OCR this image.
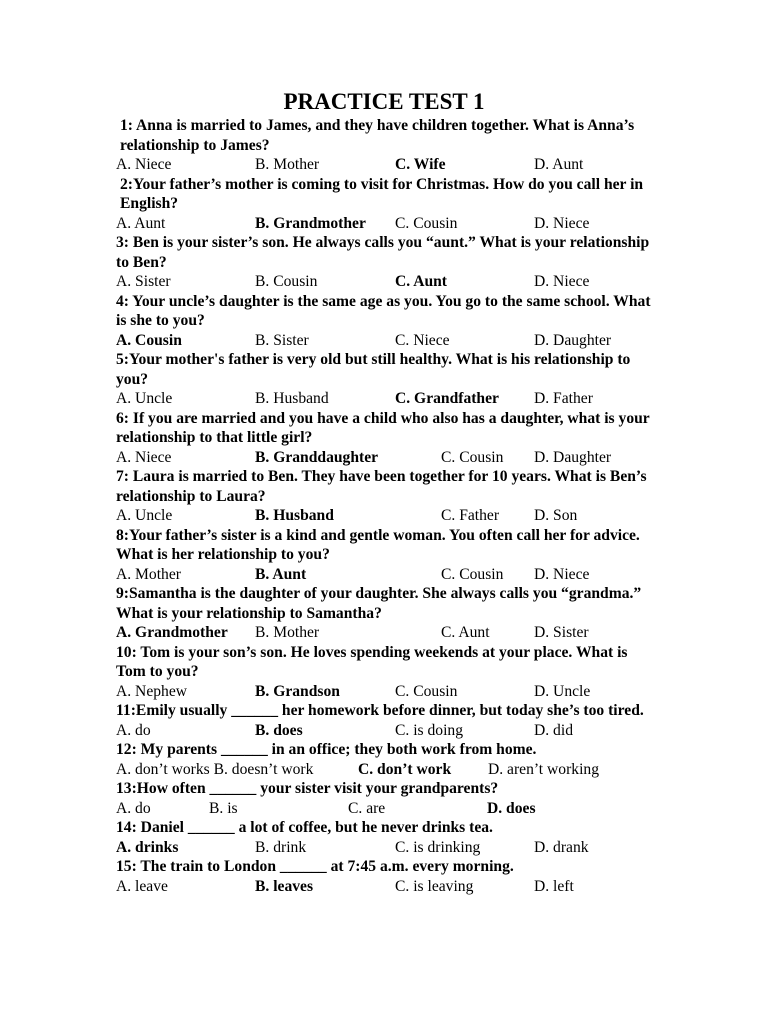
PRACTICE TEST 1
1: Anna is married to James, and they have children together. What is Anna’s relationship to James?
A. Niece	B. Mother	C. Wife	D. Aunt
2:Your father’s mother is coming to visit for Christmas. How do you call her in English?
A. Aunt	B. Grandmother C. Cousin	D. Niece
3: Ben is your sister’s son. He always calls you “aunt.” What is your relationship to Ben?
A. Sister	B. Cousin	C. Aunt	D. Niece
4: Your uncle’s daughter is the same age as you. You go to the same school. What is she to you?
A. Cousin	B. Sister	C. Niece	D. Daughter
5:Your mother's father is very old but still healthy. What is his relationship to you?
A. Uncle	B. Husband	C. Grandfather D. Father
6: If you are married and you have a child who also has a daughter, what is your relationship to that little girl?
A. Niece	B. Granddaughter	C. Cousin D. Daughter
7: Laura is married to Ben. They have been together for 10 years. What is Ben’s relationship to Laura?
A. Uncle	B. Husband	C. Father D. Son
8:Your father’s sister is a kind and gentle woman. You often call her for advice. What is her relationship to you?
A. Mother	B. Aunt	C. Cousin D. Niece
9:Samantha is the daughter of your daughter. She always calls you “grandma.” What is your relationship to Samantha?
A. Grandmother B. Mother	C. Aunt	D. Sister
10: Tom is your son’s son. He loves spending weekends at your place. What is Tom to you?
A. Nephew	B. Grandson	C. Cousin	D. Uncle
11:Emily usually ______ her homework before dinner, but today she’s too tired.
A. do	B. does	C. is doing	D. did
12: My parents ______ in an office; they both work from home.
A. don’t works B. doesn’t work	C. don’t work D. aren’t working
13:How often ______ your sister visit your grandparents?
A. do	B. is	C. are	D. does
14: Daniel ______ a lot of coffee, but he never drinks tea.
A. drinks	B. drink	C. is drinking	D. drank
15: The train to London ______ at 7:45 a.m. every morning.
A. leave	B. leaves	C. is leaving	D. left
